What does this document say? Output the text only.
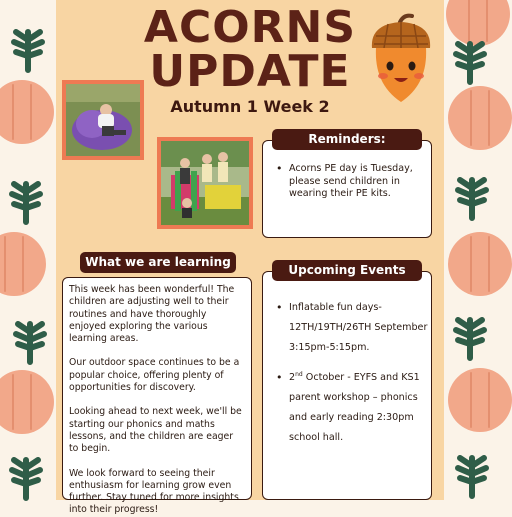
ACORNS
UPDATE
Autumn 1 Week 2
• Acorns PE day is Tuesday, please send children in wearing their PE kits.
Reminders:

This week has been wonderful! The children are adjusting well to their routines and have thoroughly enjoyed exploring the various learning areas.

Our outdoor space continues to be a popular choice, offering plenty of opportunities for discovery.

Looking ahead to next week, we'll be starting our phonics and maths lessons, and the children are eager to begin.

We look forward to seeing their enthusiasm for learning grow even further. Stay tuned for more insights into their progress!

What we are learning
• Inflatable fun days- 12TH/19TH/26TH September 3:15pm-5:15pm.
• 2nd October - EYFS and KS1 parent workshop – phonics and early reading 2:30pm school hall.
Upcoming Events
